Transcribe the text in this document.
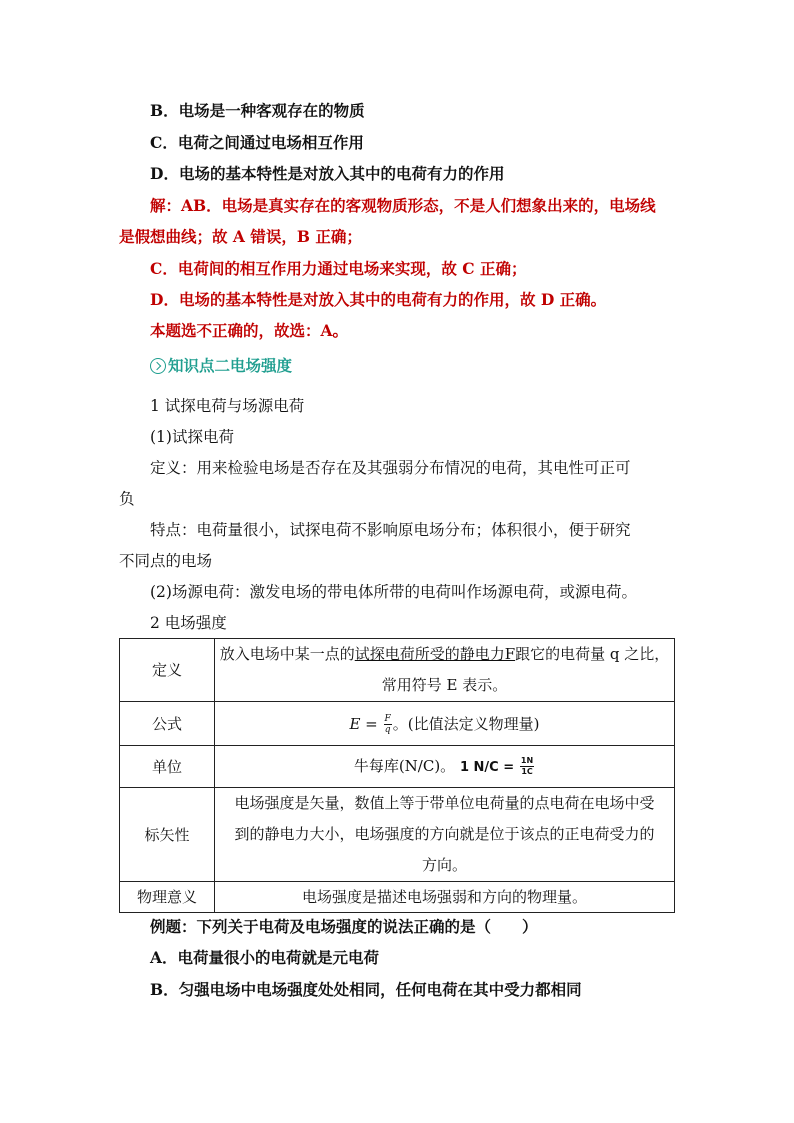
B．电场是一种客观存在的物质
C．电荷之间通过电场相互作用
D．电场的基本特性是对放入其中的电荷有力的作用
解：AB．电场是真实存在的客观物质形态，不是人们想象出来的，电场线
是假想曲线；故 A 错误，B 正确；
C．电荷间的相互作用力通过电场来实现，故 C 正确；
D．电场的基本特性是对放入其中的电荷有力的作用，故 D 正确。
本题选不正确的，故选：A。
知识点二电场强度
1 试探电荷与场源电荷
(1)试探电荷
定义：用来检验电场是否存在及其强弱分布情况的电荷，其电性可正可
负
特点：电荷量很小，试探电荷不影响原电场分布；体积很小，便于研究
不同点的电场
(2)场源电荷：激发电场的带电体所带的电荷叫作场源电荷，或源电荷。
2 电场强度
定义	放入电场中某一点的试探电荷所受的静电力F跟它的电荷量 q 之比，
常用符号 E 表示。

公式	$E = \frac{F}{q}$ 。(比值法定义物理量)
单位	牛每库(N/C)。 1 $N/C = \frac{1N}{1C}$

标矢性	电场强度是矢量，数值上等于带单位电荷量的点电荷在电场中受
到的静电力大小，电场强度的方向就是位于该点的正电荷受力的
方向。

物理意义	电场强度是描述电场强弱和方向的物理量。
例题：下列关于电荷及电场强度的说法正确的是（　　）
A．电荷量很小的电荷就是元电荷
B．匀强电场中电场强度处处相同，任何电荷在其中受力都相同
